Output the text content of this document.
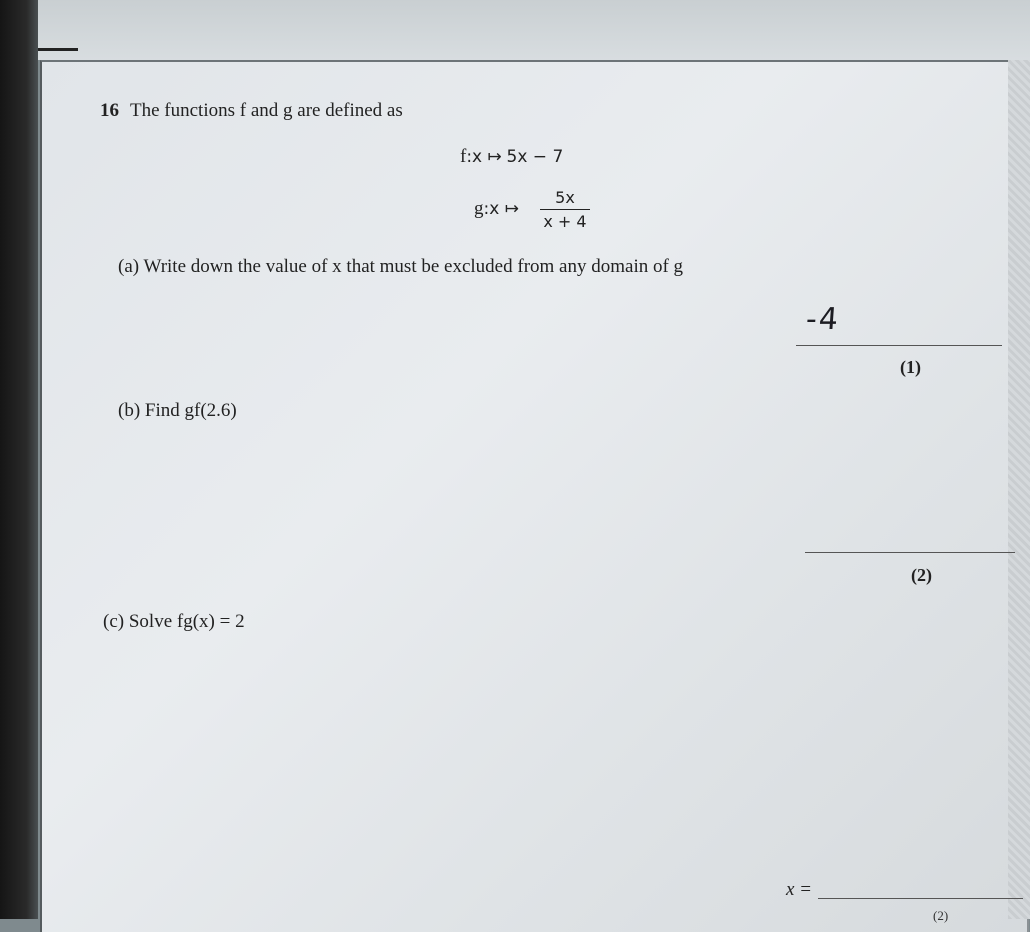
16 The functions f and g are defined as
f:x ↦ 5x − 7
g:x ↦ $\frac{5x}{x + 4}$
(a) Write down the value of x that must be excluded from any domain of g
-4
(1)
(b) Find gf(2.6)
(2)
(c) Solve fg(x) = 2
x =
(2)
